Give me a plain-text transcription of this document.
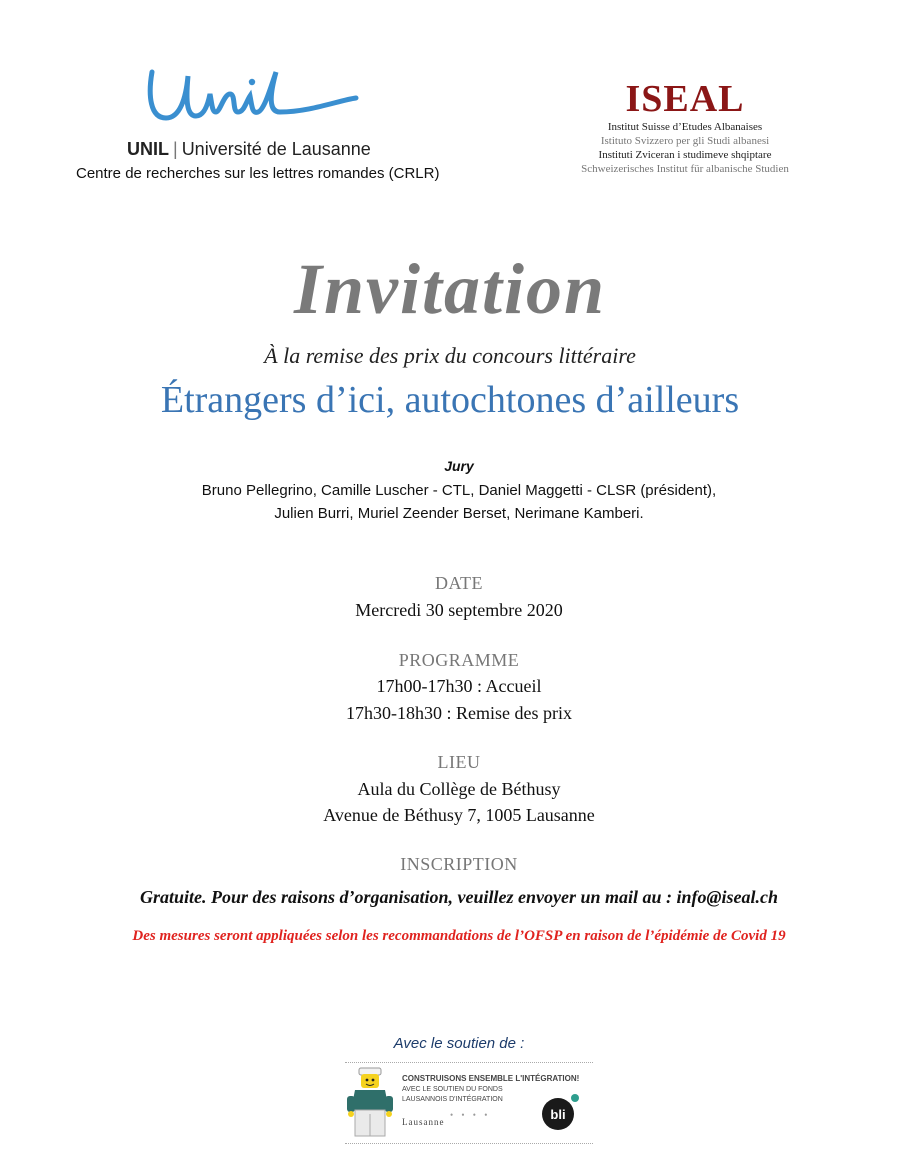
UNIL | Université de Lausanne
Centre de recherches sur les lettres romandes (CRLR)
ISEAL
Institut Suisse d’Etudes Albanaises
Istituto Svizzero per gli Studi albanesi
Instituti Zviceran i studimeve shqiptare
Schweizerisches Institut für albanische Studien
Invitation
À la remise des prix du concours littéraire
Étrangers d’ici, autochtones d’ailleurs
Jury
Bruno Pellegrino, Camille Luscher - CTL, Daniel Maggetti - CLSR (président),
Julien Burri, Muriel Zeender Berset, Nerimane Kamberi.
DATE
Mercredi 30 septembre 2020
PROGRAMME
17h00-17h30 : Accueil
17h30-18h30 : Remise des prix
LIEU
Aula du Collège de Béthusy
Avenue de Béthusy 7, 1005 Lausanne
INSCRIPTION
Gratuite. Pour des raisons d’organisation, veuillez envoyer un mail au : info@iseal.ch
Des mesures seront appliquées selon les recommandations de l’OFSP en raison de l’épidémie de Covid 19
Avec le soutien de :
CONSTRUISONS ENSEMBLE L'INTÉGRATION!
AVEC LE SOUTIEN DU FONDS
LAUSANNOIS D'INTÉGRATION
• • • •
Lausanne	bli
